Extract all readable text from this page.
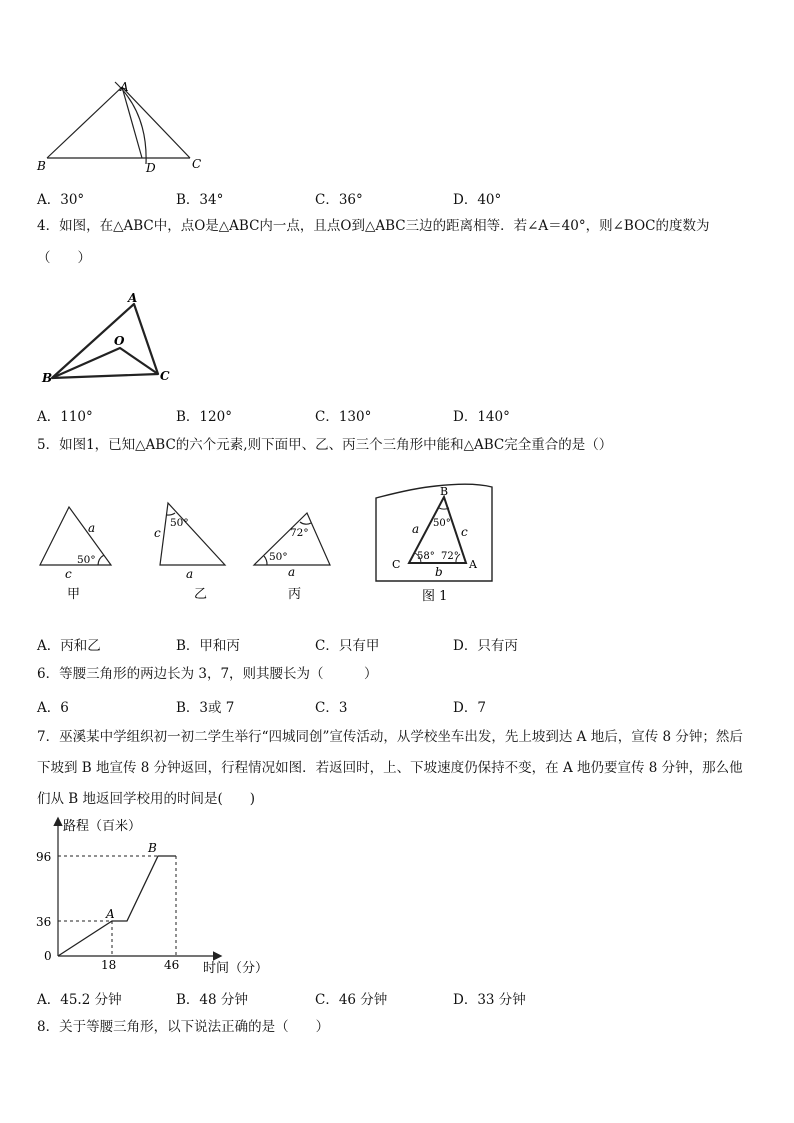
A
B	C
D
A．30°	B．34°	C．36°	D．40°
4．如图，在△ABC中，点O是△ABC内一点，且点O到△ABC三边的距离相等．若∠A＝40°，则∠BOC的度数为
（　　）
A
B	C
O
A．110°	B．120°	C．130°	D．140°
5．如图1，已知△ABC的六个元素,则下面甲、乙、丙三个三角形中能和△ABC完全重合的是（）
a
c
50°
甲
c
a
50°
乙
72°
50°
a
丙
B
C	A
a	c
b
50°
58° 72°
图 1
A．丙和乙	B．甲和丙	C．只有甲	D．只有丙
6．等腰三角形的两边长为 3，7，则其腰长为（　　　）
A．6	B．3或 7	C．3	D．7
7．巫溪某中学组织初一初二学生举行“四城同创”宣传活动，从学校坐车出发，先上坡到达 A 地后，宣传 8 分钟；然后
下坡到 B 地宣传 8 分钟返回，行程情况如图．若返回时，上、下坡速度仍保持不变，在 A 地仍要宣传 8 分钟，那么他
们从 B 地返回学校用的时间是(　　)
路程（百米）
时间（分）
96
36
0
18	46
A
B
A．45.2 分钟	B．48 分钟	C．46 分钟	D．33 分钟
8．关于等腰三角形，以下说法正确的是（　　）
